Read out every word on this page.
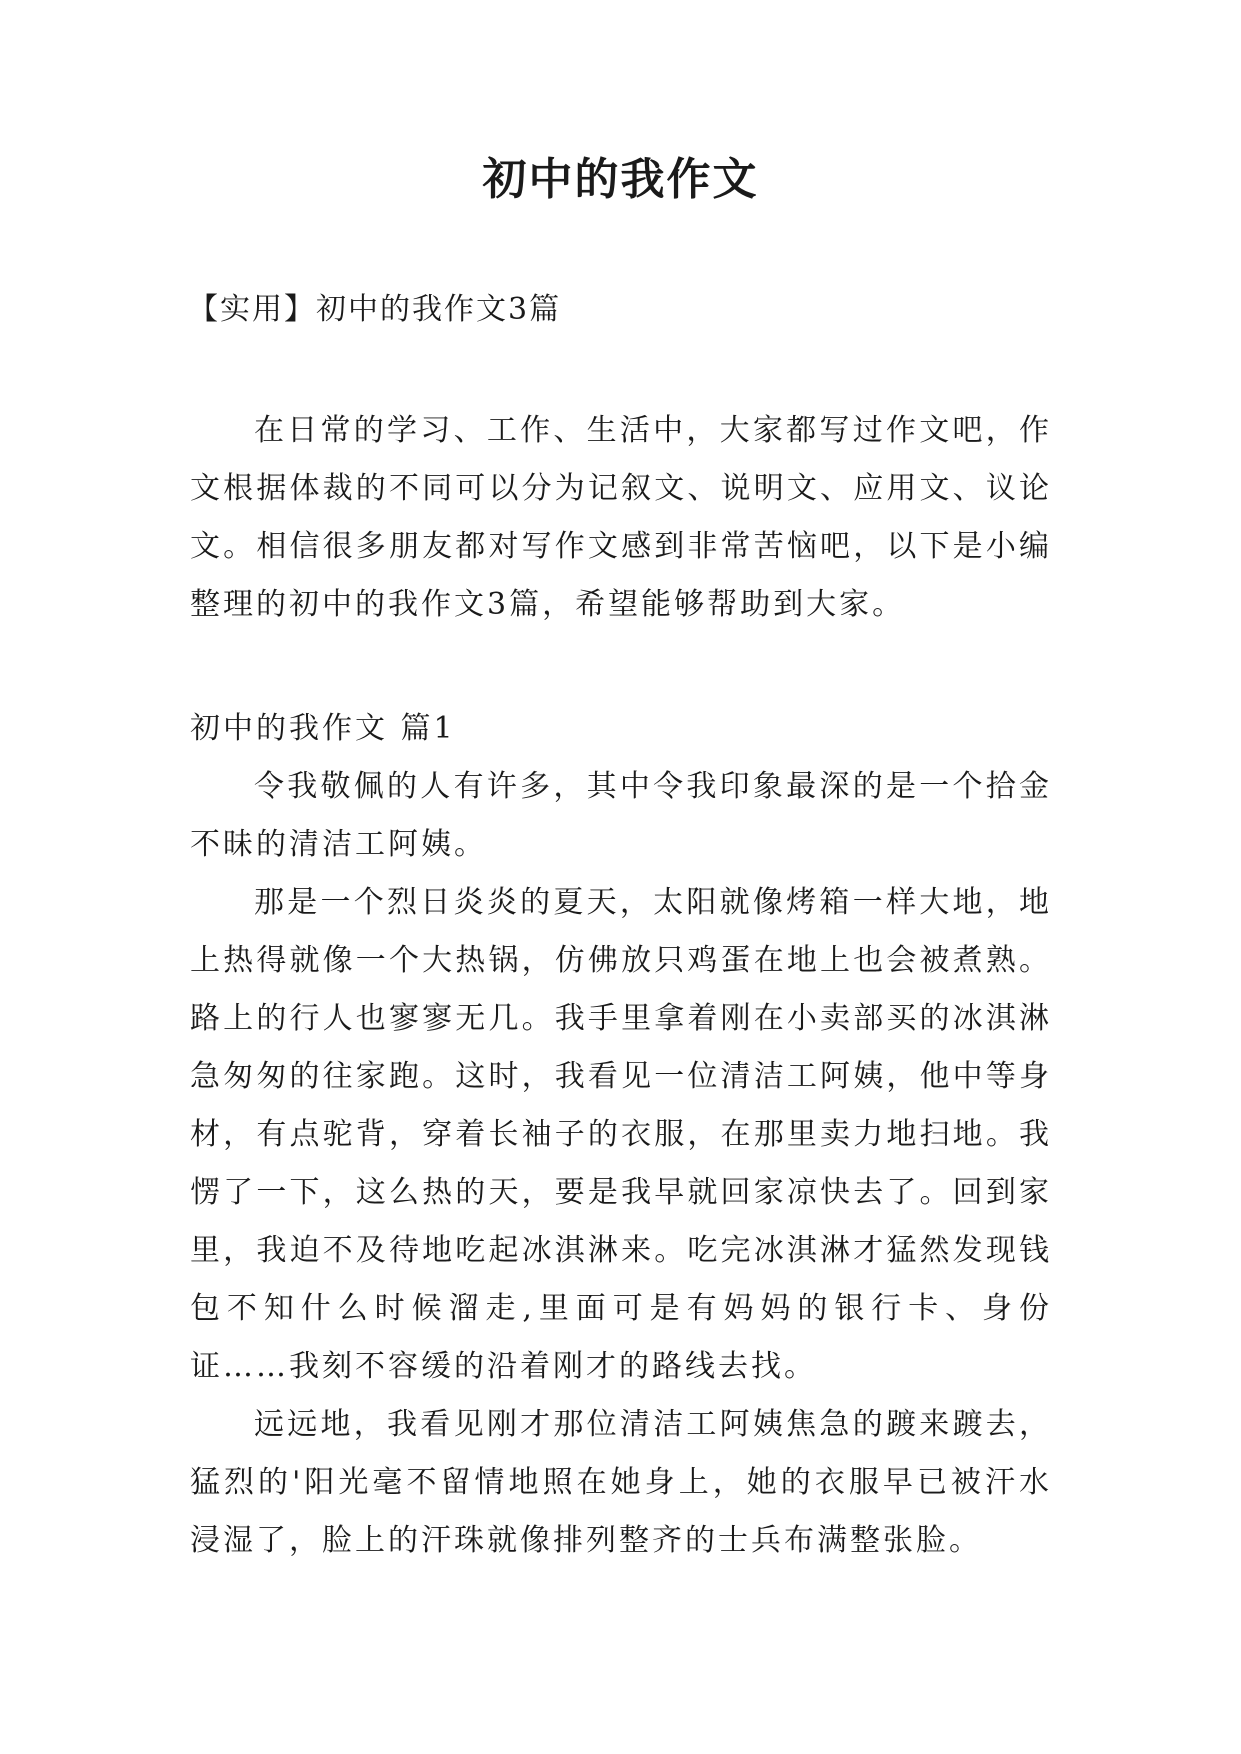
初中的我作文
【实用】初中的我作文3篇

在日常的学习、工作、生活中，大家都写过作文吧，作文根据体裁的不同可以分为记叙文、说明文、应用文、议论文。相信很多朋友都对写作文感到非常苦恼吧，以下是小编整理的初中的我作文3篇，希望能够帮助到大家。

初中的我作文 篇1

令我敬佩的人有许多，其中令我印象最深的是一个拾金不昧的清洁工阿姨。

那是一个烈日炎炎的夏天，太阳就像烤箱一样大地，地上热得就像一个大热锅，仿佛放只鸡蛋在地上也会被煮熟。路上的行人也寥寥无几。我手里拿着刚在小卖部买的冰淇淋急匆匆的往家跑。这时，我看见一位清洁工阿姨，他中等身材，有点驼背，穿着长袖子的衣服，在那里卖力地扫地。我愣了一下，这么热的天，要是我早就回家凉快去了。回到家里，我迫不及待地吃起冰淇淋来。吃完冰淇淋才猛然发现钱包不知什么时候溜走,里面可是有妈妈的银行卡、身份证……我刻不容缓的沿着刚才的路线去找。

远远地，我看见刚才那位清洁工阿姨焦急的踱来踱去，猛烈的'阳光毫不留情地照在她身上，她的衣服早已被汗水浸湿了，脸上的汗珠就像排列整齐的士兵布满整张脸。
